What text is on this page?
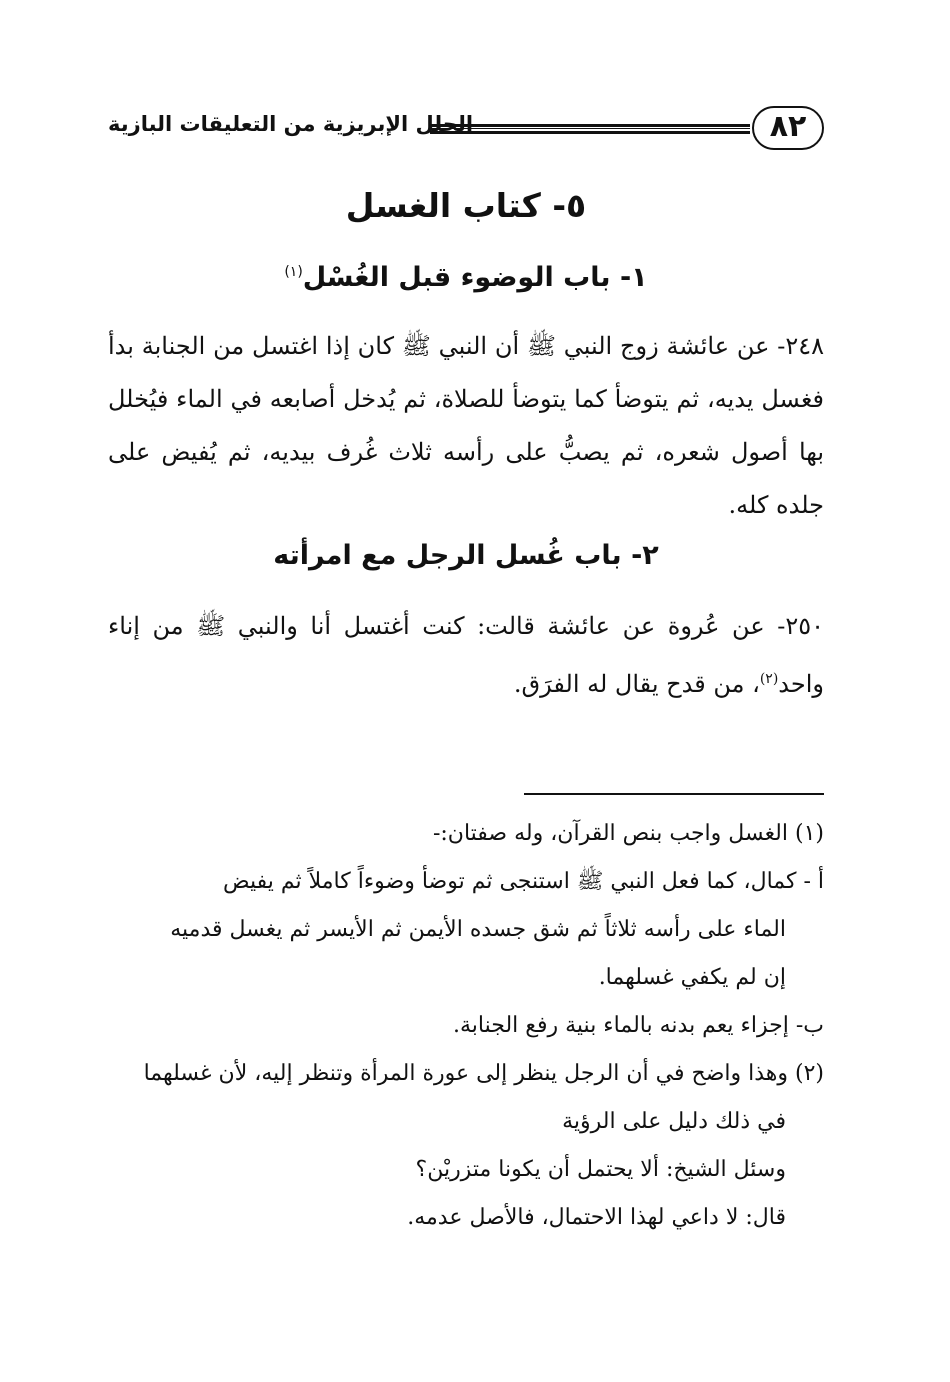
٨٢
الحلل الإبريزية من التعليقات البازية
٥- كتاب الغسل
١- باب الوضوء قبل الغُسْل$^{(١)}$
٢٤٨- عن عائشة زوج النبي ﷺ أن النبي ﷺ كان إذا اغتسل من الجنابة بدأ فغسل يديه، ثم يتوضأ كما يتوضأ للصلاة، ثم يُدخل أصابعه في الماء فيُخلل بها أصول شعره، ثم يصبُّ على رأسه ثلاث غُرف بيديه، ثم يُفيض على جلده كله.
٢- باب غُسل الرجل مع امرأته
٢٥٠- عن عُروة عن عائشة قالت: كنت أغتسل أنا والنبي ﷺ من إناء واحد$^{(٢)}$، من قدح يقال له الفرَق.
(١) الغسل واجب بنص القرآن، وله صفتان:-
أ - كمال، كما فعل النبي ﷺ استنجى ثم توضأ وضوءاً كاملاً ثم يفيض
الماء على رأسه ثلاثاً ثم شق جسده الأيمن ثم الأيسر ثم يغسل قدميه
إن لم يكفي غسلهما.
ب- إجزاء يعم بدنه بالماء بنية رفع الجنابة.
(٢) وهذا واضح في أن الرجل ينظر إلى عورة المرأة وتنظر إليه، لأن غسلهما
في ذلك دليل على الرؤية
وسئل الشيخ: ألا يحتمل أن يكونا متزريْن؟
قال: لا داعي لهذا الاحتمال، فالأصل عدمه.
